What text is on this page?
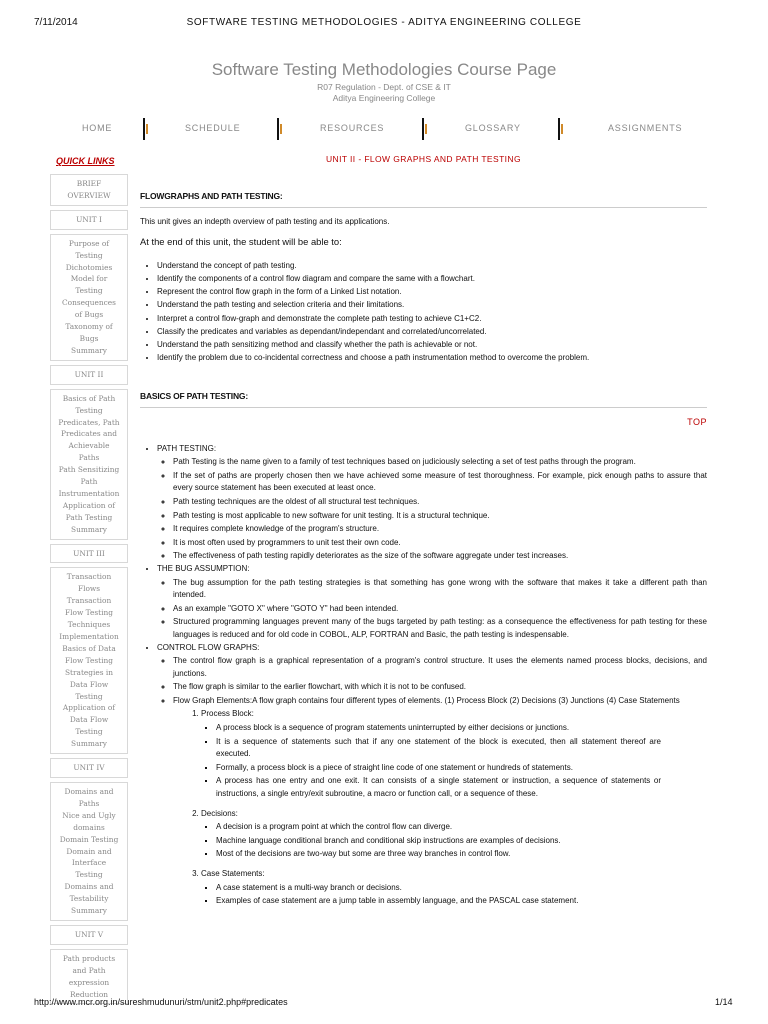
7/11/2014	SOFTWARE TESTING METHODOLOGIES - ADITYA ENGINEERING COLLEGE
Software Testing Methodologies Course Page
R07 Regulation - Dept. of CSE & IT
Aditya Engineering College
HOME	SCHEDULE	RESOURCES	GLOSSARY	ASSIGNMENTS
QUICK LINKS	UNIT II - FLOW GRAPHS AND PATH TESTING
BRIEF
OVERVIEW
UNIT I
Purpose of
Testing
Dichotomies
Model for
Testing
Consequences
of Bugs
Taxonomy of
Bugs
Summary
UNIT II
Basics of Path
Testing
Predicates, Path
Predicates and
Achievable
Paths
Path Sensitizing
Path
Instrumentation
Application of
Path Testing
Summary
UNIT III
Transaction
Flows
Transaction
Flow Testing
Techniques
Implementation
Basics of Data
Flow Testing
Strategies in
Data Flow
Testing
Application of
Data Flow
Testing
Summary
UNIT IV
Domains and
Paths
Nice and Ugly
domains
Domain Testing
Domain and
Interface
Testing
Domains and
Testability
Summary
UNIT V
Path products
and Path
expression
Reduction
FLOWGRAPHS AND PATH TESTING:

This unit gives an indepth overview of path testing and its applications.

At the end of this unit, the student will be able to:

• Understand the concept of path testing.
• Identify the components of a control flow diagram and compare the same with a flowchart.
• Represent the control flow graph in the form of a Linked List notation.
• Understand the path testing and selection criteria and their limitations.
• Interpret a control flow-graph and demonstrate the complete path testing to achieve C1+C2.
• Classify the predicates and variables as dependant/independant and correlated/uncorrelated.
• Understand the path sensitizing method and classify whether the path is achievable or not.
• Identify the problem due to co-incidental correctness and choose a path instrumentation method to overcome the problem.
BASICS OF PATH TESTING:
TOP
• PATH TESTING:
◦ Path Testing is the name given to a family of test techniques based on judiciously selecting a set of test paths through the program.
◦ If the set of paths are properly chosen then we have achieved some measure of test thoroughness. For example, pick enough paths to assure that every source statement has been executed at least once.
◦ Path testing techniques are the oldest of all structural test techniques.
◦ Path testing is most applicable to new software for unit testing. It is a structural technique.
◦ It requires complete knowledge of the program's structure.
◦ It is most often used by programmers to unit test their own code.
◦ The effectiveness of path testing rapidly deteriorates as the size of the software aggregate under test increases.
• THE BUG ASSUMPTION:
◦ The bug assumption for the path testing strategies is that something has gone wrong with the software that makes it take a different path than intended.
◦ As an example "GOTO X" where "GOTO Y" had been intended.
◦ Structured programming languages prevent many of the bugs targeted by path testing: as a consequence the effectiveness for path testing for these languages is reduced and for old code in COBOL, ALP, FORTRAN and Basic, the path testing is indespensable.
• CONTROL FLOW GRAPHS:
◦ The control flow graph is a graphical representation of a program's control structure. It uses the elements named process blocks, decisions, and junctions.
◦ The flow graph is similar to the earlier flowchart, with which it is not to be confused.
◦ Flow Graph Elements:A flow graph contains four different types of elements. (1) Process Block (2) Decisions (3) Junctions (4) Case Statements
1. Process Block:
▪ A process block is a sequence of program statements uninterrupted by either decisions or junctions.
▪ It is a sequence of statements such that if any one statement of the block is executed, then all statement thereof are executed.
▪ Formally, a process block is a piece of straight line code of one statement or hundreds of statements.
▪ A process has one entry and one exit. It can consists of a single statement or instruction, a sequence of statements or instructions, a single entry/exit subroutine, a macro or function call, or a sequence of these.
2. Decisions:
▪ A decision is a program point at which the control flow can diverge.
▪ Machine language conditional branch and conditional skip instructions are examples of decisions.
▪ Most of the decisions are two-way but some are three way branches in control flow.
3. Case Statements:
▪ A case statement is a multi-way branch or decisions.
▪ Examples of case statement are a jump table in assembly language, and the PASCAL case statement.
http://www.mcr.org.in/sureshmudunuri/stm/unit2.php#predicates	1/14
